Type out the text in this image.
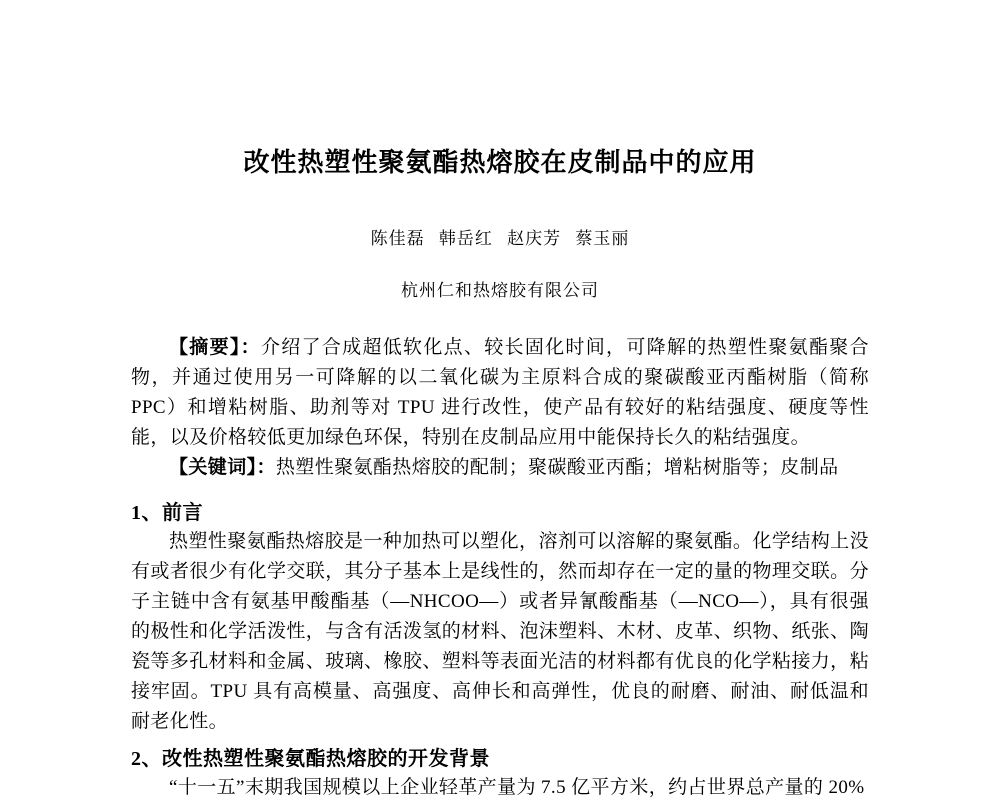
改性热塑性聚氨酯热熔胶在皮制品中的应用
陈佳磊 韩岳红 赵庆芳 蔡玉丽
杭州仁和热熔胶有限公司

【摘要】：介绍了合成超低软化点、较长固化时间，可降解的热塑性聚氨酯聚合物，并通过使用另一可降解的以二氧化碳为主原料合成的聚碳酸亚丙酯树脂（简称 PPC）和增粘树脂、助剂等对 TPU 进行改性，使产品有较好的粘结强度、硬度等性能，以及价格较低更加绿色环保，特别在皮制品应用中能保持长久的粘结强度。

【关键词】：热塑性聚氨酯热熔胶的配制；聚碳酸亚丙酯；增粘树脂等；皮制品

1、前言

热塑性聚氨酯热熔胶是一种加热可以塑化，溶剂可以溶解的聚氨酯。化学结构上没有或者很少有化学交联，其分子基本上是线性的，然而却存在一定的量的物理交联。分子主链中含有氨基甲酸酯基（—NHCOO—）或者异氰酸酯基（—NCO—），具有很强的极性和化学活泼性，与含有活泼氢的材料、泡沫塑料、木材、皮革、织物、纸张、陶瓷等多孔材料和金属、玻璃、橡胶、塑料等表面光洁的材料都有优良的化学粘接力，粘接牢固。TPU 具有高模量、高强度、高伸长和高弹性，优良的耐磨、耐油、耐低温和耐老化性。

2、改性热塑性聚氨酯热熔胶的开发背景

“十一五”末期我国规模以上企业轻革产量为 7.5 亿平方米，约占世界总产量的 20%
